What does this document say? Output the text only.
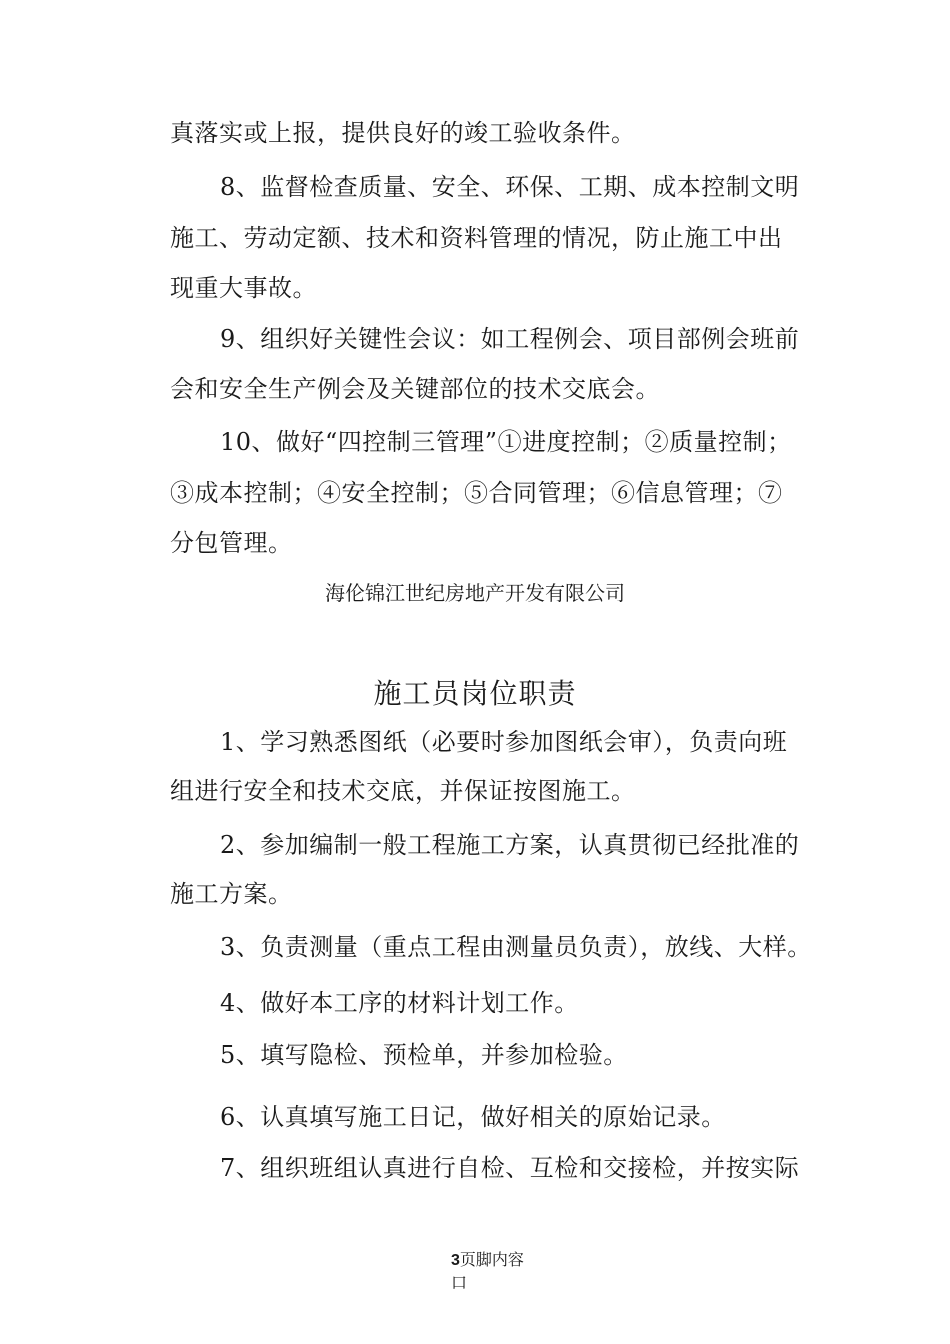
真落实或上报，提供良好的竣工验收条件。
8、监督检查质量、安全、环保、工期、成本控制文明
施工、劳动定额、技术和资料管理的情况，防止施工中出
现重大事故。
9、组织好关键性会议：如工程例会、项目部例会班前
会和安全生产例会及关键部位的技术交底会。
10、做好“四控制三管理”①进度控制；②质量控制；
③成本控制；④安全控制；⑤合同管理；⑥信息管理；⑦
分包管理。
海伦锦江世纪房地产开发有限公司
施工员岗位职责
1、学习熟悉图纸（必要时参加图纸会审），负责向班
组进行安全和技术交底，并保证按图施工。
2、参加编制一般工程施工方案，认真贯彻已经批准的
施工方案。
3、负责测量（重点工程由测量员负责），放线、大样。
4、做好本工序的材料计划工作。
5、填写隐检、预检单，并参加检验。
6、认真填写施工日记，做好相关的原始记录。
7、组织班组认真进行自检、互检和交接检，并按实际
3页脚内容
口
